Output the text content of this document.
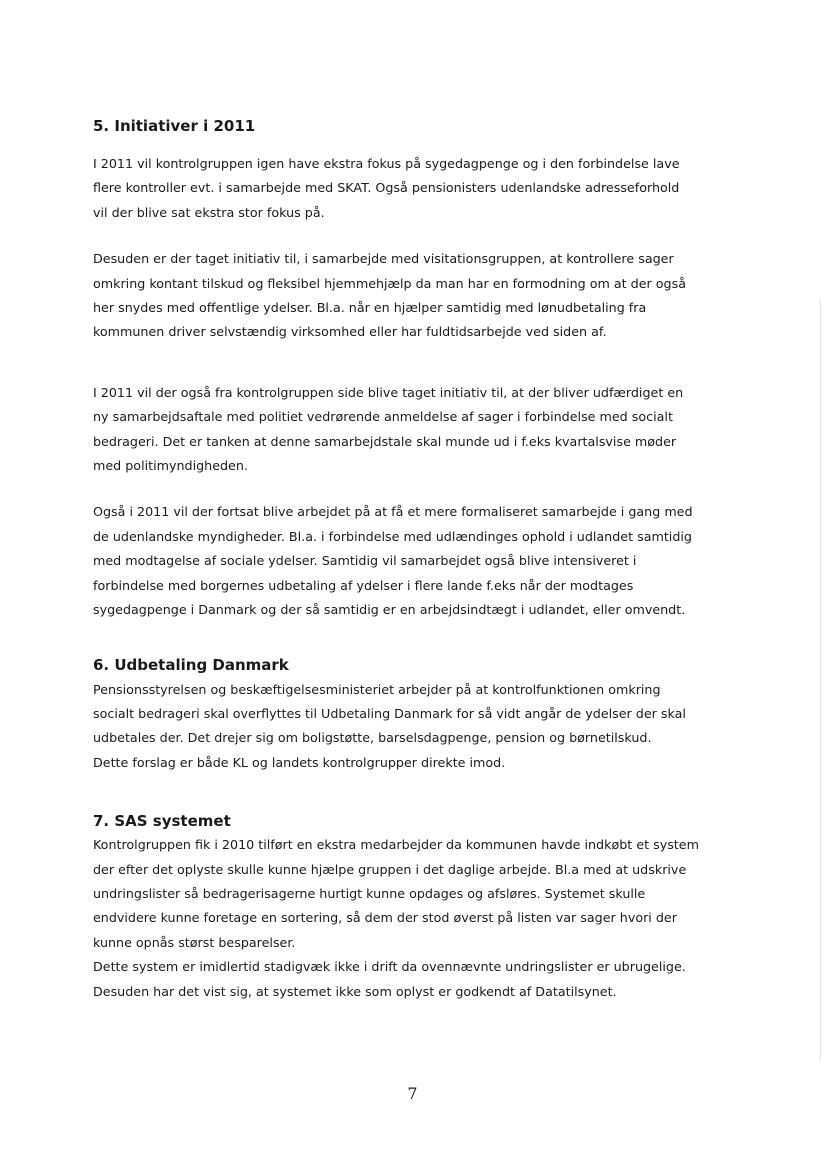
5. Initiativer i 2011

I 2011 vil kontrolgruppen igen have ekstra fokus på sygedagpenge og i den forbindelse lave
flere kontroller evt. i samarbejde med SKAT. Også pensionisters udenlandske adresseforhold
vil der blive sat ekstra stor fokus på.

Desuden er der taget initiativ til, i samarbejde med visitationsgruppen, at kontrollere sager
omkring kontant tilskud og fleksibel hjemmehjælp da man har en formodning om at der også
her snydes med offentlige ydelser. Bl.a. når en hjælper samtidig med lønudbetaling fra
kommunen driver selvstændig virksomhed eller har fuldtidsarbejde ved siden af.

I 2011 vil der også fra kontrolgruppen side blive taget initiativ til, at der bliver udfærdiget en
ny samarbejdsaftale med politiet vedrørende anmeldelse af sager i forbindelse med socialt
bedrageri. Det er tanken at denne samarbejdstale skal munde ud i f.eks kvartalsvise møder
med politimyndigheden.

Også i 2011 vil der fortsat blive arbejdet på at få et mere formaliseret samarbejde i gang med
de udenlandske myndigheder. Bl.a. i forbindelse med udlændinges ophold i udlandet samtidig
med modtagelse af sociale ydelser. Samtidig vil samarbejdet også blive intensiveret i
forbindelse med borgernes udbetaling af ydelser i flere lande f.eks når der modtages
sygedagpenge i Danmark og der så samtidig er en arbejdsindtægt i udlandet, eller omvendt.

6. Udbetaling Danmark

Pensionsstyrelsen og beskæftigelsesministeriet arbejder på at kontrolfunktionen omkring
socialt bedrageri skal overflyttes til Udbetaling Danmark for så vidt angår de ydelser der skal
udbetales der. Det drejer sig om boligstøtte, barselsdagpenge, pension og børnetilskud.
Dette forslag er både KL og landets kontrolgrupper direkte imod.

7. SAS systemet

Kontrolgruppen fik i 2010 tilført en ekstra medarbejder da kommunen havde indkøbt et system
der efter det oplyste skulle kunne hjælpe gruppen i det daglige arbejde. Bl.a med at udskrive
undringslister så bedragerisagerne hurtigt kunne opdages og afsløres. Systemet skulle
endvidere kunne foretage en sortering, så dem der stod øverst på listen var sager hvori der
kunne opnås størst besparelser.
Dette system er imidlertid stadigvæk ikke i drift da ovennævnte undringslister er ubrugelige.
Desuden har det vist sig, at systemet ikke som oplyst er godkendt af Datatilsynet.

7
